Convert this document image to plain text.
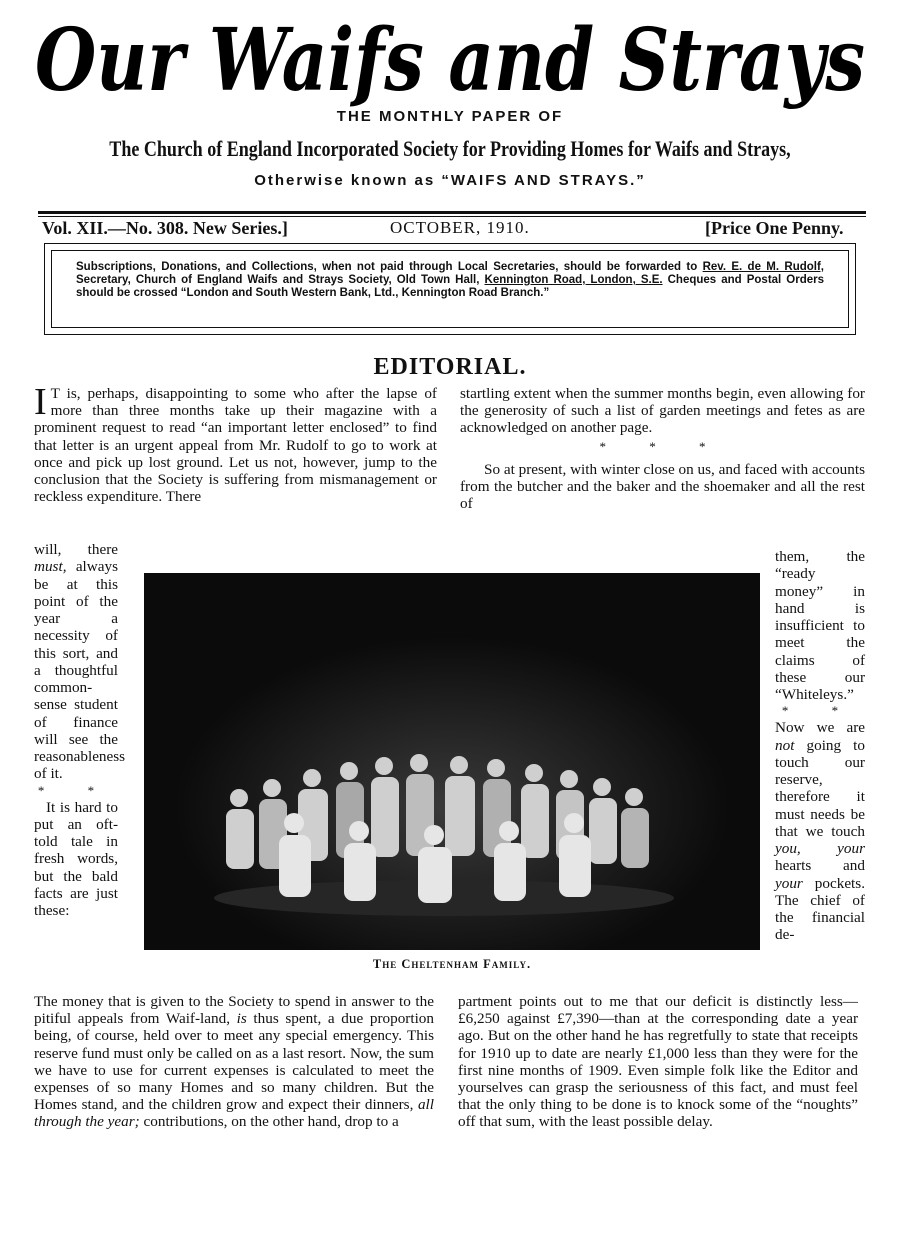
Our Waifs and Strays
THE MONTHLY PAPER OF
The Church of England Incorporated Society for Providing Homes for Waifs and Strays,
Otherwise known as “WAIFS AND STRAYS.”
Vol. XII.—No. 308. New Series.]	OCTOBER, 1910.	[Price One Penny.
Subscriptions, Donations, and Collections, when not paid through Local Secretaries, should be forwarded to Rev. E. de M. Rudolf, Secretary, Church of England Waifs and Strays Society, Old Town Hall, Kennington Road, London, S.E. Cheques and Postal Orders should be crossed “London and South Western Bank, Ltd., Kennington Road Branch.”
EDITORIAL.

I T is, perhaps, disappointing to some who after the lapse of more than three months take up their magazine with a prominent request to read “an important letter enclosed” to find that letter is an urgent appeal from Mr. Rudolf to go to work at once and pick up lost ground. Let us not, however, jump to the conclusion that the Society is suffering from mismanagement or reckless expenditure. There

will, there must, always be at this point of the year a necessity of this sort, and a thoughtful common-sense student of finance will see the reasonableness of it.

* *

It is hard to put an oft-told tale in fresh words, but the bald facts are just these:

The Cheltenham Family.

The money that is given to the Society to spend in answer to the pitiful appeals from Waif-land, is thus spent, a due proportion being, of course, held over to meet any special emergency. This reserve fund must only be called on as a last resort. Now, the sum we have to use for current expenses is calculated to meet the expenses of so many Homes and so many children. But the Homes stand, and the children grow and expect their dinners, all through the year; contributions, on the other hand, drop to a

startling extent when the summer months begin, even allowing for the generosity of such a list of garden meetings and fetes as are acknowledged on another page.

* * *

So at present, with winter close on us, and faced with accounts from the butcher and the baker and the shoemaker and all the rest of

them, the “ready money” in hand is insufficient to meet the claims of these our “Whiteleys.”

* *

Now we are not going to touch our reserve, therefore it must needs be that we touch you, your hearts and your pockets. The chief of the financial de-

partment points out to me that our deficit is distinctly less—£6,250 against £7,390—than at the corresponding date a year ago. But on the other hand he has regretfully to state that receipts for 1910 up to date are nearly £1,000 less than they were for the first nine months of 1909. Even simple folk like the Editor and yourselves can grasp the seriousness of this fact, and must feel that the only thing to be done is to knock some of the “noughts” off that sum, with the least possible delay.
